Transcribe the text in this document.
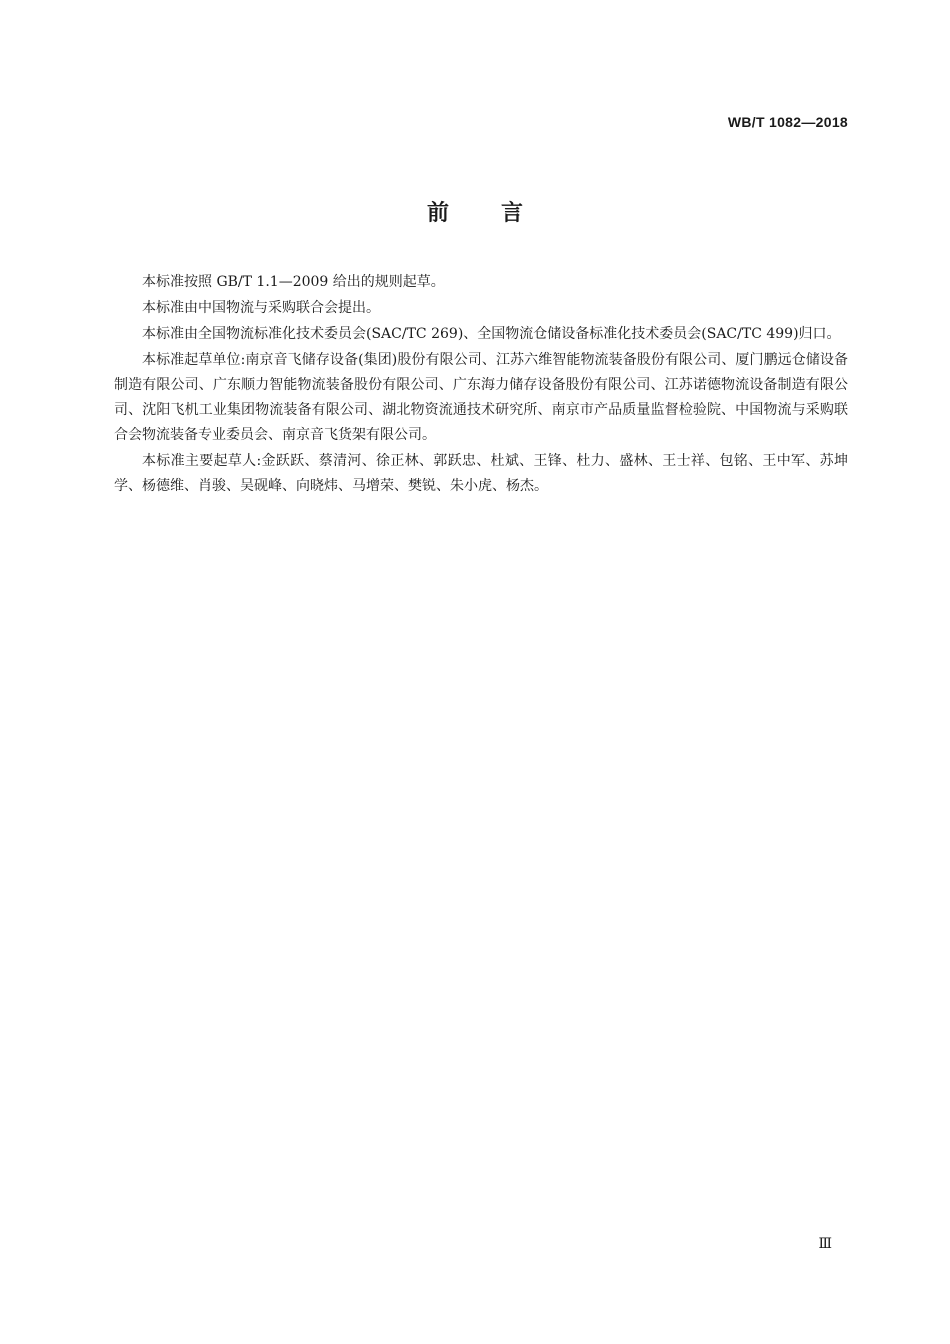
WB/T 1082—2018
前 言

本标准按照 GB/T 1.1—2009 给出的规则起草。

本标准由中国物流与采购联合会提出。

本标准由全国物流标准化技术委员会(SAC/TC 269)、全国物流仓储设备标准化技术委员会(SAC/TC 499)归口。

本标准起草单位:南京音飞储存设备(集团)股份有限公司、江苏六维智能物流装备股份有限公司、厦门鹏远仓储设备制造有限公司、广东顺力智能物流装备股份有限公司、广东海力储存设备股份有限公司、江苏诺德物流设备制造有限公司、沈阳飞机工业集团物流装备有限公司、湖北物资流通技术研究所、南京市产品质量监督检验院、中国物流与采购联合会物流装备专业委员会、南京音飞货架有限公司。

本标准主要起草人:金跃跃、蔡清河、徐正林、郭跃忠、杜斌、王锋、杜力、盛林、王士祥、包铭、王中军、苏坤学、杨德维、肖骏、吴砚峰、向晓炜、马增荣、樊锐、朱小虎、杨杰。

Ⅲ
